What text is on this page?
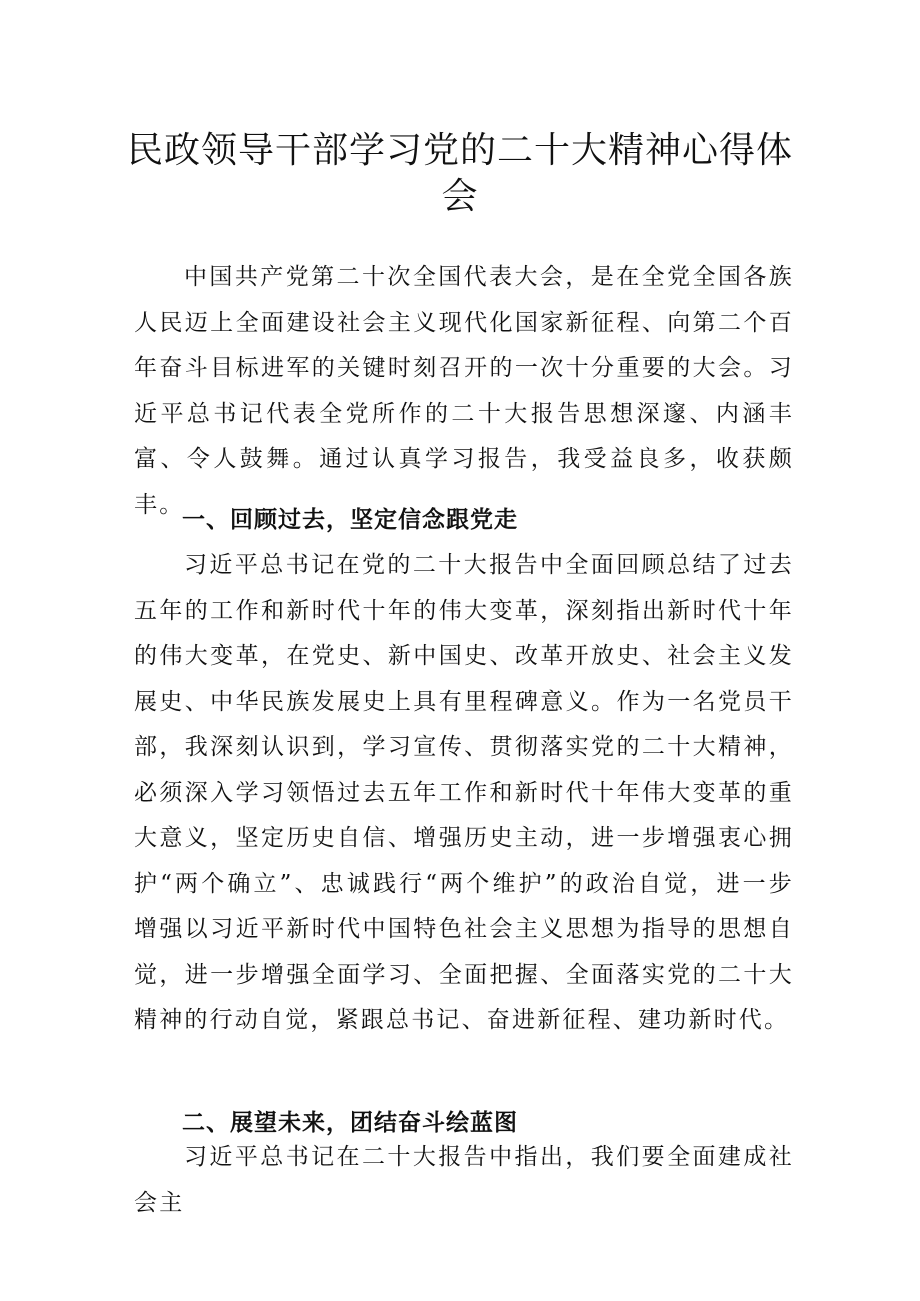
民政领导干部学习党的二十大精神心得体会

中国共产党第二十次全国代表大会，是在全党全国各族人民迈上全面建设社会主义现代化国家新征程、向第二个百年奋斗目标进军的关键时刻召开的一次十分重要的大会。习近平总书记代表全党所作的二十大报告思想深邃、内涵丰富、令人鼓舞。通过认真学习报告，我受益良多，收获颇丰。

一、回顾过去，坚定信念跟党走

习近平总书记在党的二十大报告中全面回顾总结了过去五年的工作和新时代十年的伟大变革，深刻指出新时代十年的伟大变革，在党史、新中国史、改革开放史、社会主义发展史、中华民族发展史上具有里程碑意义。作为一名党员干部，我深刻认识到，学习宣传、贯彻落实党的二十大精神，必须深入学习领悟过去五年工作和新时代十年伟大变革的重大意义，坚定历史自信、增强历史主动，进一步增强衷心拥护“两个确立”、忠诚践行“两个维护”的政治自觉，进一步增强以习近平新时代中国特色社会主义思想为指导的思想自觉，进一步增强全面学习、全面把握、全面落实党的二十大精神的行动自觉，紧跟总书记、奋进新征程、建功新时代。

二、展望未来，团结奋斗绘蓝图

习近平总书记在二十大报告中指出，我们要全面建成社会主
